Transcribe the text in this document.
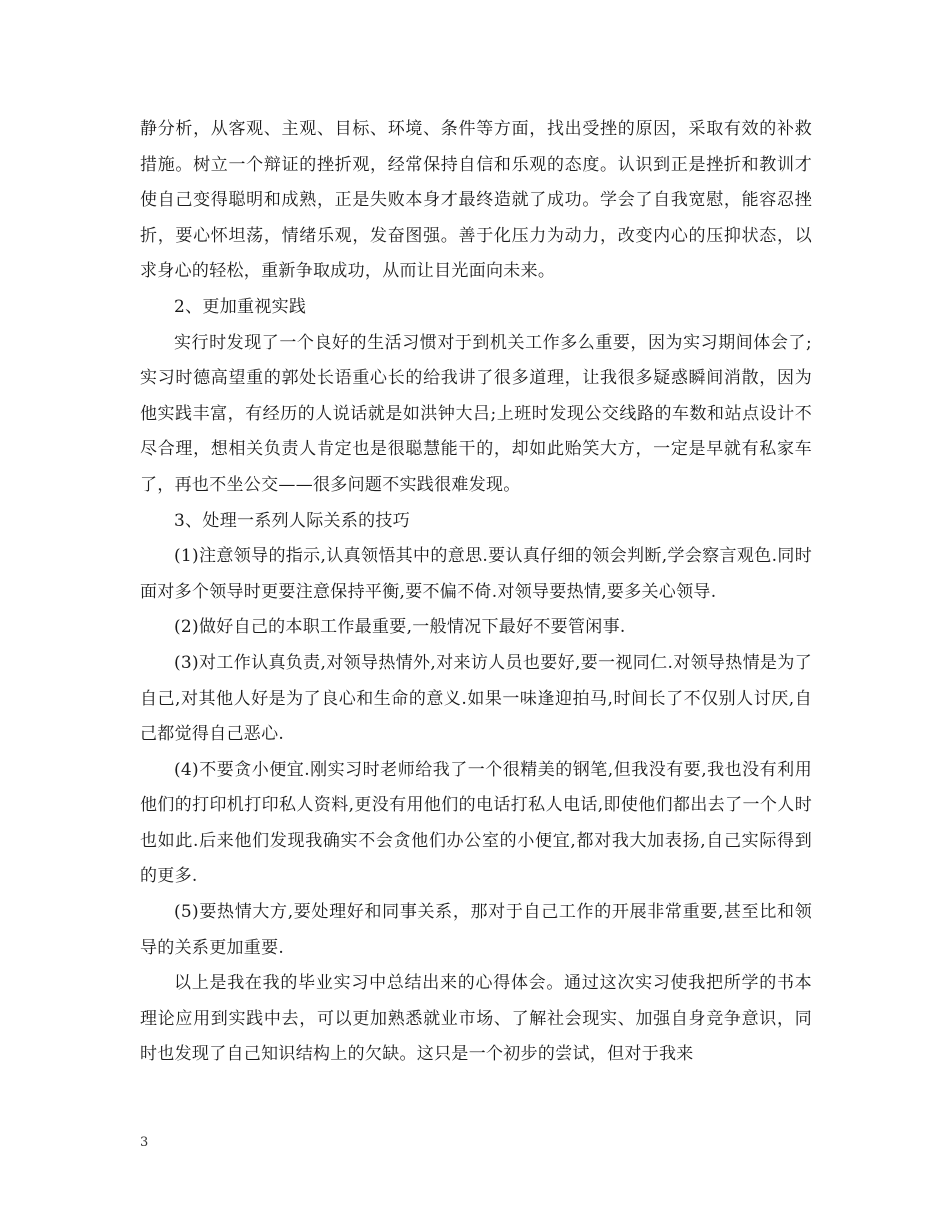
静分析，从客观、主观、目标、环境、条件等方面，找出受挫的原因，采取有效的补救措施。树立一个辩证的挫折观，经常保持自信和乐观的态度。认识到正是挫折和教训才使自己变得聪明和成熟，正是失败本身才最终造就了成功。学会了自我宽慰，能容忍挫折，要心怀坦荡，情绪乐观，发奋图强。善于化压力为动力，改变内心的压抑状态，以求身心的轻松，重新争取成功，从而让目光面向未来。

2、更加重视实践

实行时发现了一个良好的生活习惯对于到机关工作多么重要，因为实习期间体会了;实习时德高望重的郭处长语重心长的给我讲了很多道理，让我很多疑惑瞬间消散，因为他实践丰富，有经历的人说话就是如洪钟大吕;上班时发现公交线路的车数和站点设计不尽合理，想相关负责人肯定也是很聪慧能干的，却如此贻笑大方，一定是早就有私家车了，再也不坐公交——很多问题不实践很难发现。

3、处理一系列人际关系的技巧

(1)注意领导的指示,认真领悟其中的意思.要认真仔细的领会判断,学会察言观色.同时面对多个领导时更要注意保持平衡,要不偏不倚.对领导要热情,要多关心领导.

(2)做好自己的本职工作最重要,一般情况下最好不要管闲事.

(3)对工作认真负责,对领导热情外,对来访人员也要好,要一视同仁.对领导热情是为了自己,对其他人好是为了良心和生命的意义.如果一味逢迎拍马,时间长了不仅别人讨厌,自己都觉得自己恶心.

(4)不要贪小便宜.刚实习时老师给我了一个很精美的钢笔,但我没有要,我也没有利用他们的打印机打印私人资料,更没有用他们的电话打私人电话,即使他们都出去了一个人时也如此.后来他们发现我确实不会贪他们办公室的小便宜,都对我大加表扬,自己实际得到的更多.

(5)要热情大方,要处理好和同事关系，那对于自己工作的开展非常重要,甚至比和领导的关系更加重要.

以上是我在我的毕业实习中总结出来的心得体会。通过这次实习使我把所学的书本理论应用到实践中去，可以更加熟悉就业市场、了解社会现实、加强自身竞争意识，同时也发现了自己知识结构上的欠缺。这只是一个初步的尝试，但对于我来

3
